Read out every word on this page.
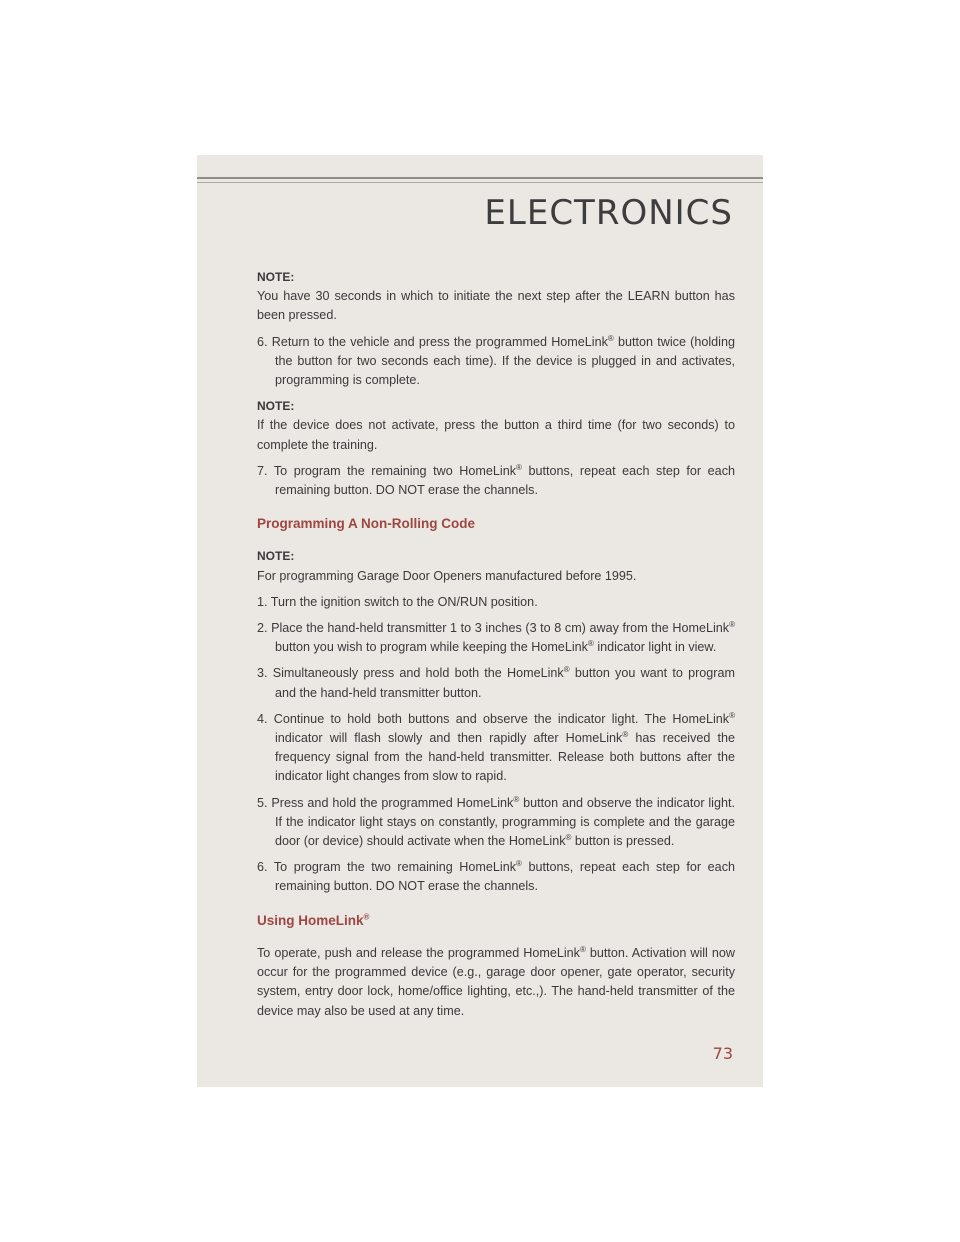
ELECTRONICS

NOTE:

You have 30 seconds in which to initiate the next step after the LEARN button has been pressed.

6. Return to the vehicle and press the programmed HomeLink® button twice (holding the button for two seconds each time). If the device is plugged in and activates, programming is complete.

NOTE:

If the device does not activate, press the button a third time (for two seconds) to complete the training.

7. To program the remaining two HomeLink® buttons, repeat each step for each remaining button. DO NOT erase the channels.

Programming A Non-Rolling Code

NOTE:

For programming Garage Door Openers manufactured before 1995.

1. Turn the ignition switch to the ON/RUN position.

2. Place the hand-held transmitter 1 to 3 inches (3 to 8 cm) away from the HomeLink® button you wish to program while keeping the HomeLink® indicator light in view.

3. Simultaneously press and hold both the HomeLink® button you want to program and the hand-held transmitter button.

4. Continue to hold both buttons and observe the indicator light. The HomeLink® indicator will flash slowly and then rapidly after HomeLink® has received the frequency signal from the hand-held transmitter. Release both buttons after the indicator light changes from slow to rapid.

5. Press and hold the programmed HomeLink® button and observe the indicator light. If the indicator light stays on constantly, programming is complete and the garage door (or device) should activate when the HomeLink® button is pressed.

6. To program the two remaining HomeLink® buttons, repeat each step for each remaining button. DO NOT erase the channels.

Using HomeLink®

To operate, push and release the programmed HomeLink® button. Activation will now occur for the programmed device (e.g., garage door opener, gate operator, security system, entry door lock, home/office lighting, etc.,). The hand-held transmitter of the device may also be used at any time.

73
